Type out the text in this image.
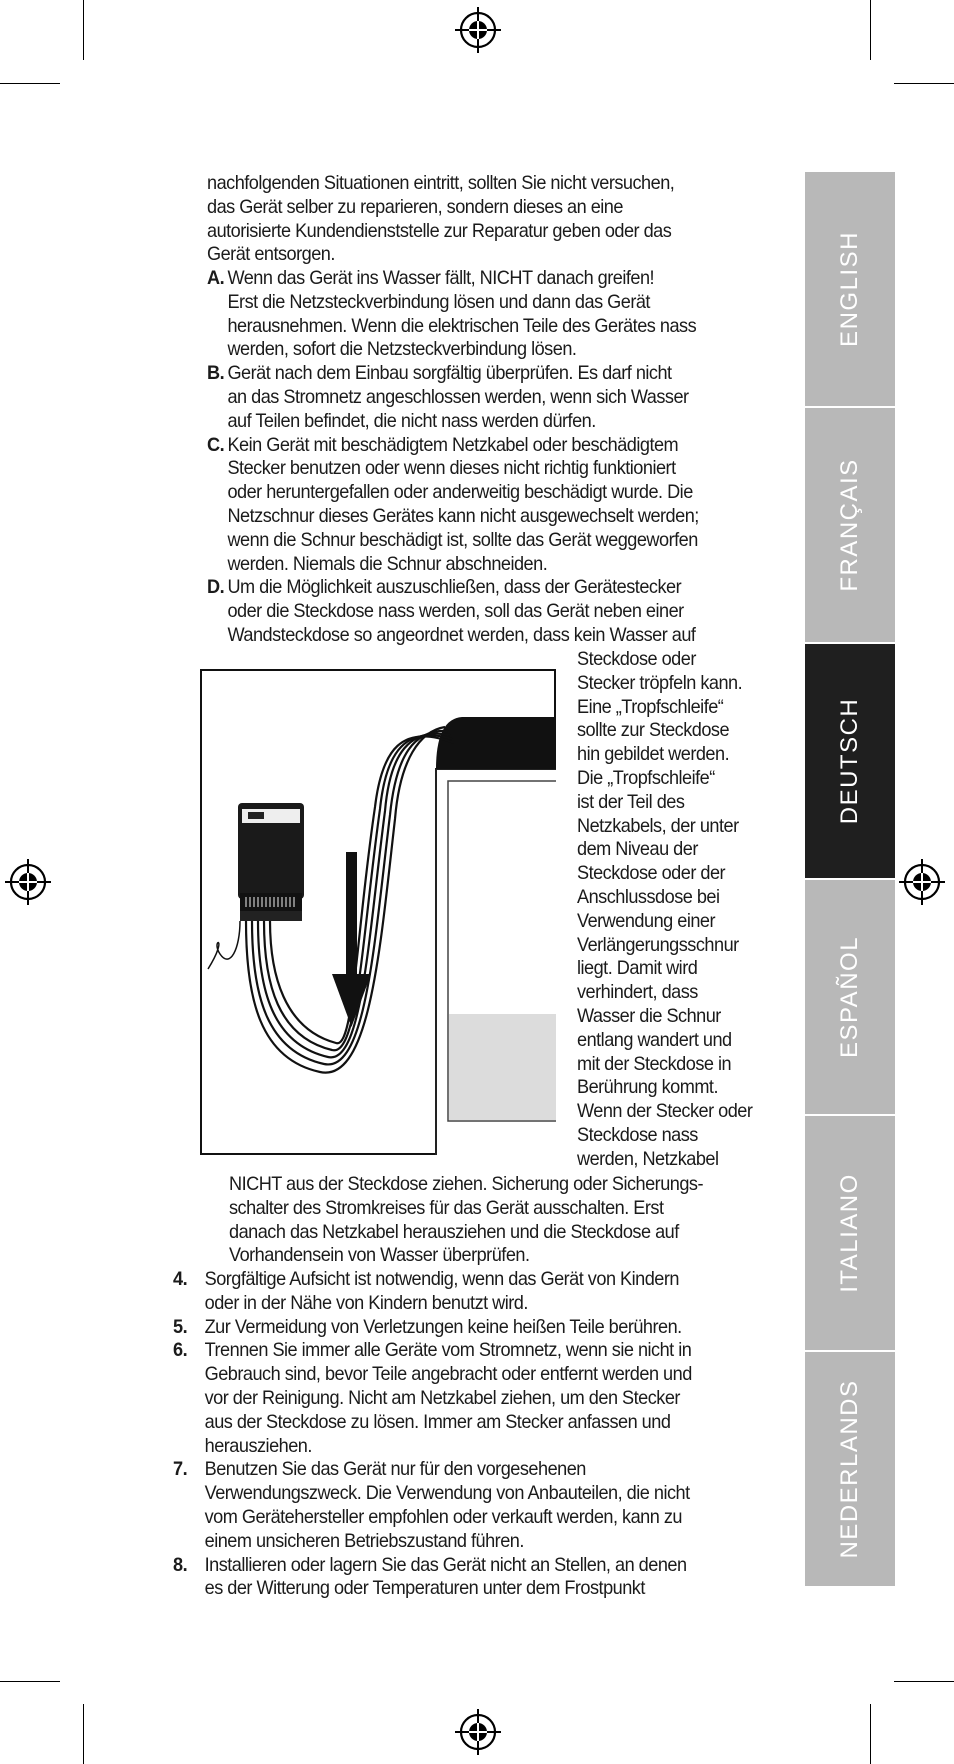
nachfolgenden Situationen eintritt, sollten Sie nicht versuchen,

das Gerät selber zu reparieren, sondern dieses an eine

autorisierte Kundendienststelle zur Reparatur geben oder das

Gerät entsorgen.

A. Wenn das Gerät ins Wasser fällt, NICHT danach greifen!

Erst die Netzsteckverbindung lösen und dann das Gerät

herausnehmen. Wenn die elektrischen Teile des Gerätes nass

werden, sofort die Netzsteckverbindung lösen.

B. Gerät nach dem Einbau sorgfältig überprüfen. Es darf nicht

an das Stromnetz angeschlossen werden, wenn sich Wasser

auf Teilen befindet, die nicht nass werden dürfen.

C. Kein Gerät mit beschädigtem Netzkabel oder beschädigtem

Stecker benutzen oder wenn dieses nicht richtig funktioniert

oder heruntergefallen oder anderweitig beschädigt wurde. Die

Netzschnur dieses Gerätes kann nicht ausgewechselt werden;

wenn die Schnur beschädigt ist, sollte das Gerät weggeworfen

werden. Niemals die Schnur abschneiden.

D. Um die Möglichkeit auszuschließen, dass der Gerätestecker

oder die Steckdose nass werden, soll das Gerät neben einer

Wandsteckdose so angeordnet werden, dass kein Wasser auf

Steckdose oder

Stecker tröpfeln kann.

Eine „Tropfschleife“

sollte zur Steckdose

hin gebildet werden.

Die „Tropfschleife“

ist der Teil des

Netzkabels, der unter

dem Niveau der

Steckdose oder der

Anschlussdose bei

Verwendung einer

Verlängerungsschnur

liegt. Damit wird

verhindert, dass

Wasser die Schnur

entlang wandert und

mit der Steckdose in

Berührung kommt.

Wenn der Stecker oder

Steckdose nass

werden, Netzkabel

NICHT aus der Steckdose ziehen. Sicherung oder Sicherungs-

schalter des Stromkreises für das Gerät ausschalten. Erst

danach das Netzkabel herausziehen und die Steckdose auf

Vorhandensein von Wasser überprüfen.

4. Sorgfältige Aufsicht ist notwendig, wenn das Gerät von Kindern

oder in der Nähe von Kindern benutzt wird.

5. Zur Vermeidung von Verletzungen keine heißen Teile berühren.

6. Trennen Sie immer alle Geräte vom Stromnetz, wenn sie nicht in

Gebrauch sind, bevor Teile angebracht oder entfernt werden und

vor der Reinigung. Nicht am Netzkabel ziehen, um den Stecker

aus der Steckdose zu lösen. Immer am Stecker anfassen und

herausziehen.

7. Benutzen Sie das Gerät nur für den vorgesehenen

Verwendungszweck. Die Verwendung von Anbauteilen, die nicht

vom Gerätehersteller empfohlen oder verkauft werden, kann zu

einem unsicheren Betriebszustand führen.

8. Installieren oder lagern Sie das Gerät nicht an Stellen, an denen

es der Witterung oder Temperaturen unter dem Frostpunkt

ENGLISH
FRANÇAIS
DEUTSCH
ESPAÑOL
ITALIANO
NEDERLANDS
